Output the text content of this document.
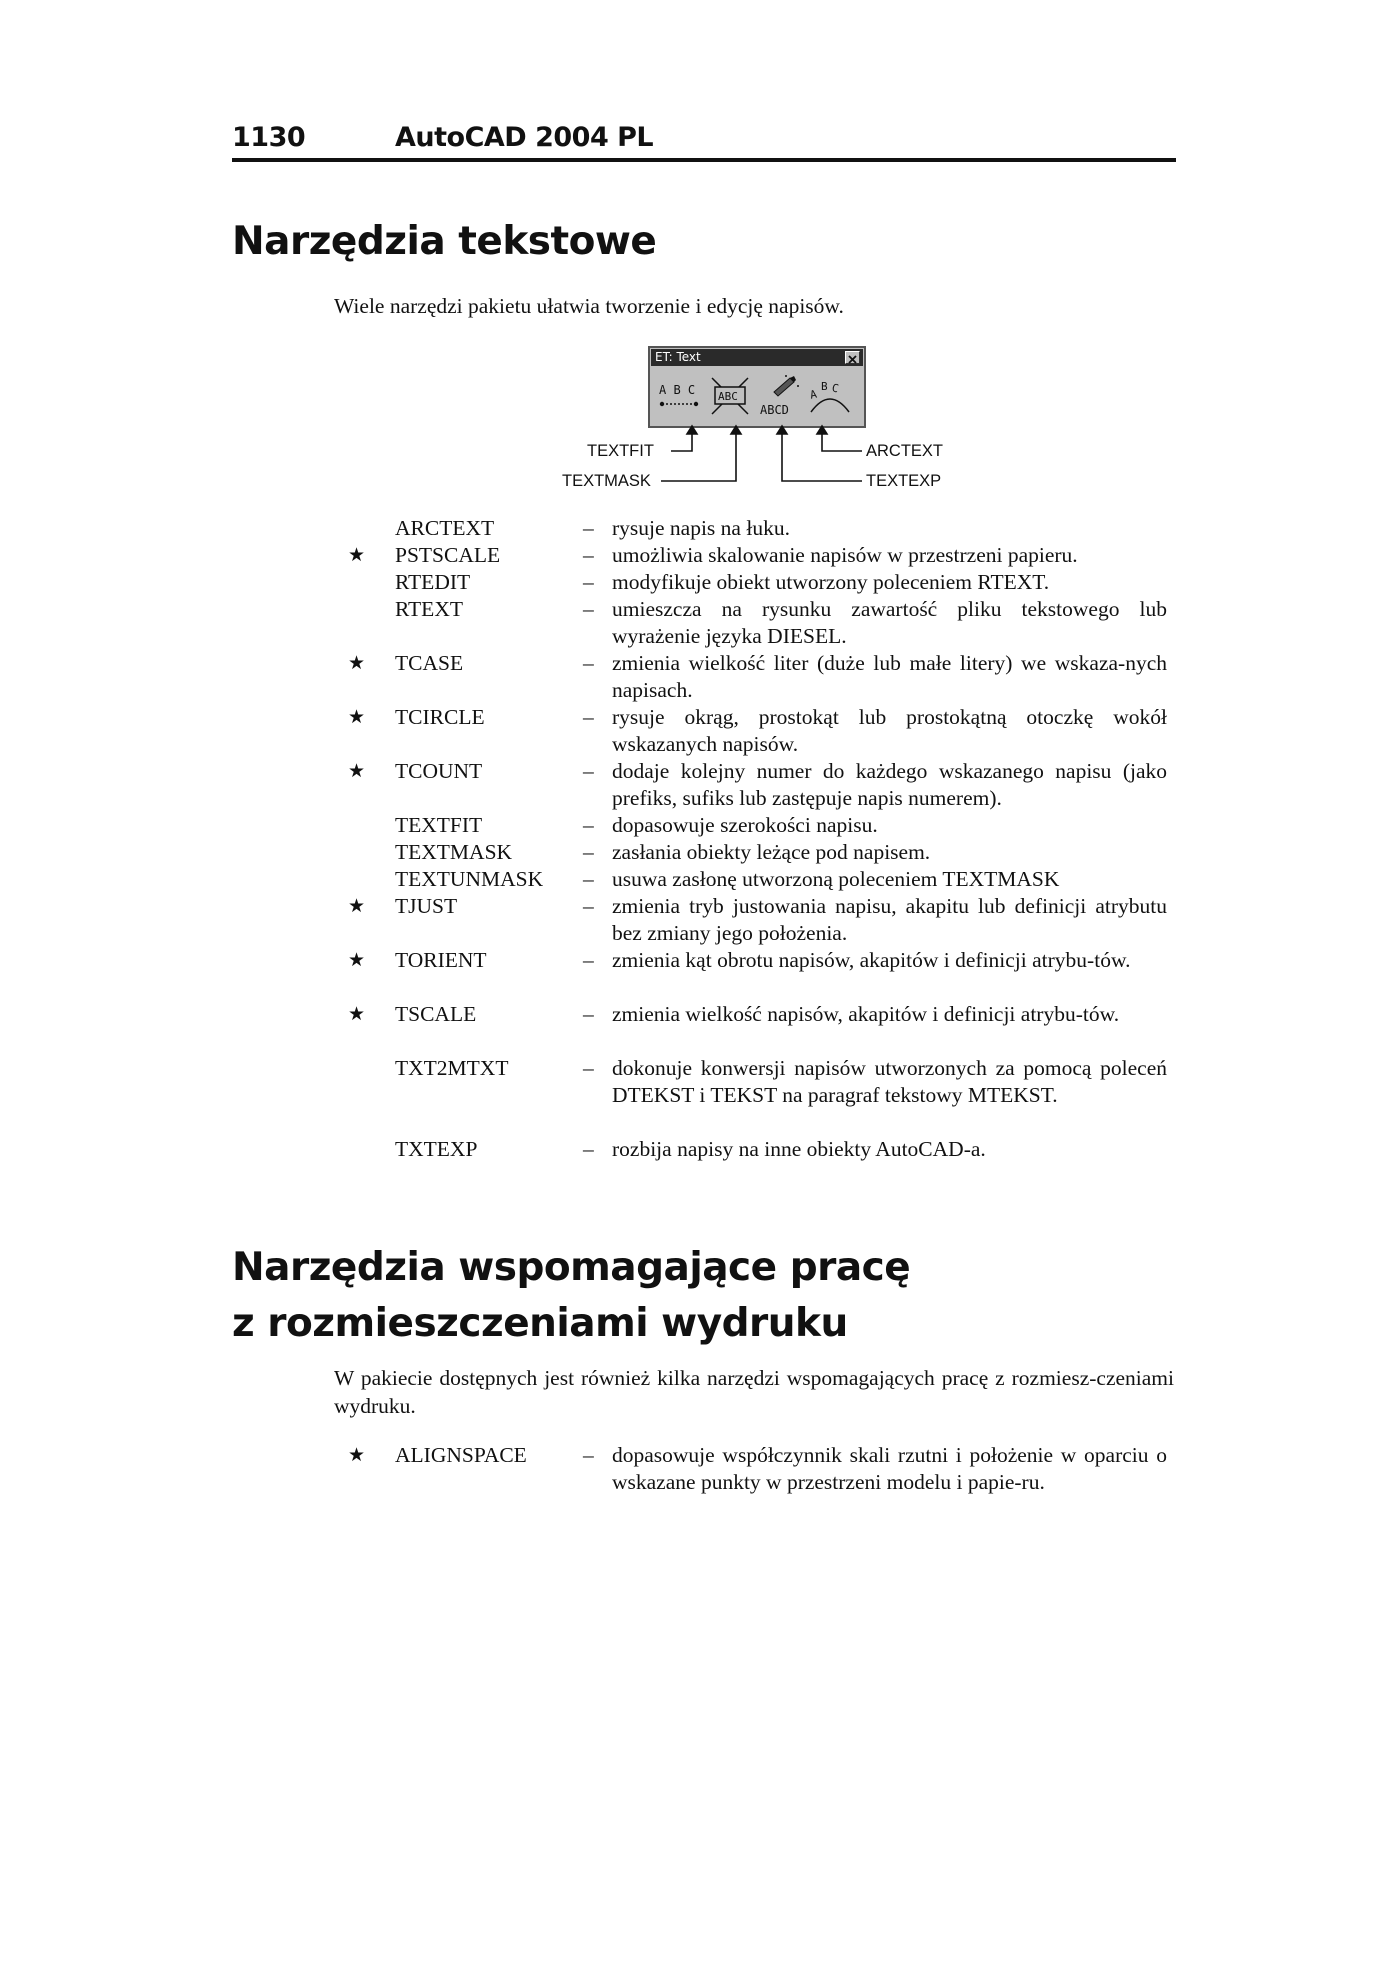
1130	AutoCAD 2004 PL
Narzędzia tekstowe
Wiele narzędzi pakietu ułatwia tworzenie i edycję napisów.
ET: Text
A B C ABC
ABCD
A
B C
TEXTFIT
TEXTMASK
ARCTEXT
TEXTEXP
ARCTEXT	– rysuje napis na łuku.
★ PSTSCALE	– umożliwia skalowanie napisów w przestrzeni papieru.
RTEDIT	– modyfikuje obiekt utworzony poleceniem RTEXT.
RTEXT	– umieszcza na rysunku zawartość pliku tekstowego lub wyrażenie języka DIESEL.
★ TCASE	– zmienia wielkość liter (duże lub małe litery) we wskaza-nych napisach.
★ TCIRCLE	– rysuje okrąg, prostokąt lub prostokątną otoczkę wokół wskazanych napisów.
★ TCOUNT	– dodaje kolejny numer do każdego wskazanego napisu (jako prefiks, sufiks lub zastępuje napis numerem).
TEXTFIT	– dopasowuje szerokości napisu.
TEXTMASK	– zasłania obiekty leżące pod napisem.
TEXTUNMASK – usuwa zasłonę utworzoną poleceniem TEXTMASK
★ TJUST	– zmienia tryb justowania napisu, akapitu lub definicji atrybutu bez zmiany jego położenia.
★ TORIENT	– zmienia kąt obrotu napisów, akapitów i definicji atrybu-tów.
★ TSCALE	– zmienia wielkość napisów, akapitów i definicji atrybu-tów.
TXT2MTXT	– dokonuje konwersji napisów utworzonych za pomocą poleceń DTEKST i TEKST na paragraf tekstowy MTEKST.
TXTEXP	– rozbija napisy na inne obiekty AutoCAD-a.
Narzędzia wspomagające pracę
z rozmieszczeniami wydruku
W pakiecie dostępnych jest również kilka narzędzi wspomagających pracę z rozmiesz-czeniami wydruku.
★ ALIGNSPACE	– dopasowuje współczynnik skali rzutni i położenie w oparciu o wskazane punkty w przestrzeni modelu i papie-ru.
